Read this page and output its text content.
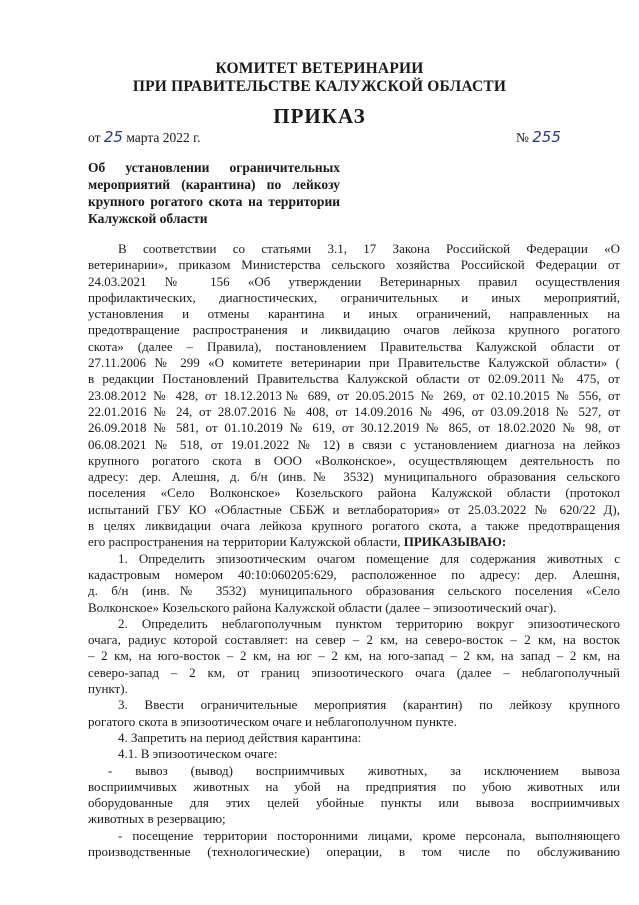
КОМИТЕТ ВЕТЕРИНАРИИ
ПРИ ПРАВИТЕЛЬСТВЕ КАЛУЖСКОЙ ОБЛАСТИ
ПРИКАЗ
от 25 марта 2022 г.	№ 255
Об установлении ограничительных
мероприятий (карантина) по лейкозу
крупного рогатого скота на территории
Калужской области
В соответствии со статьями 3.1, 17 Закона Российской Федерации «О
ветеринарии», приказом Министерства сельского хозяйства Российской Федерации от
24.03.2021 № 156 «Об утверждении Ветеринарных правил осуществления
профилактических, диагностических, ограничительных и иных мероприятий,
установления и отмены карантина и иных ограничений, направленных на
предотвращение распространения и ликвидацию очагов лейкоза крупного рогатого
скота» (далее – Правила), постановлением Правительства Калужской области от
27.11.2006 № 299 «О комитете ветеринарии при Правительстве Калужской области» (
в редакции Постановлений Правительства Калужской области от 02.09.2011№ 475, от
23.08.2012 № 428, от 18.12.2013№ 689, от 20.05.2015 № 269, от 02.10.2015 № 556, от
22.01.2016 № 24, от 28.07.2016 № 408, от 14.09.2016 № 496, от 03.09.2018 № 527, от
26.09.2018 № 581, от 01.10.2019 № 619, от 30.12.2019 № 865, от 18.02.2020 № 98, от
06.08.2021 № 518, от 19.01.2022 № 12) в связи с установлением диагноза на лейкоз
крупного рогатого скота в ООО «Волконское», осуществляющем деятельность по
адресу: дер. Алешня, д. б/н (инв.№ 3532) муниципального образования сельского
поселения «Село Волконское» Козельского района Калужской области (протокол
испытаний ГБУ КО «Областные СББЖ и ветлаборатория» от 25.03.2022 № 620/22 Д),
в целях ликвидации очага лейкоза крупного рогатого скота, а также предотвращения
его распространения на территории Калужской области, ПРИКАЗЫВАЮ:
1. Определить эпизоотическим очагом помещение для содержания животных с
кадастровым номером 40:10:060205:629, расположенное по адресу: дер. Алешня,
д. б/н (инв.№ 3532) муниципального образования сельского поселения «Село
Волконское» Козельского района Калужской области (далее – эпизоотический очаг).
2. Определить неблагополучным пунктом территорию вокруг эпизоотического
очага, радиус которой составляет: на север – 2 км, на северо-восток – 2 км, на восток
– 2 км, на юго-восток – 2 км, на юг – 2 км, на юго-запад – 2 км, на запад – 2 км, на
северо-запад – 2 км, от границ эпизоотического очага (далее – неблагополучный
пункт).
3. Ввести ограничительные мероприятия (карантин) по лейкозу крупного
рогатого скота в эпизоотическом очаге и неблагополучном пункте.
4. Запретить на период действия карантина:
4.1. В эпизоотическом очаге:
- вывоз (вывод) восприимчивых животных, за исключением вывоза
восприимчивых животных на убой на предприятия по убою животных или
оборудованные для этих целей убойные пункты или вывоза восприимчивых
животных в резервацию;
- посещение территории посторонними лицами, кроме персонала, выполняющего
производственные (технологические) операции, в том числе по обслуживанию
